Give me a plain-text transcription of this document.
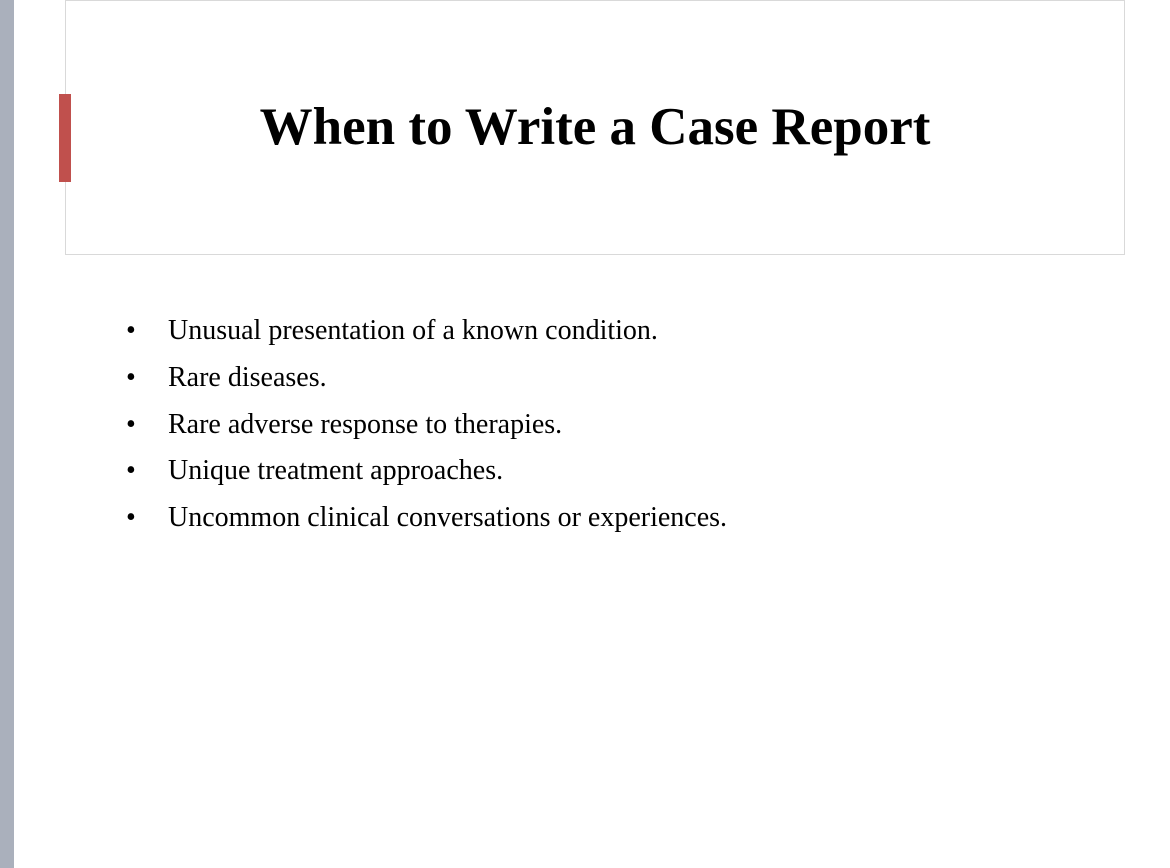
When to Write a Case Report
•	Unusual presentation of a known condition.
•	Rare diseases.
•	Rare adverse response to therapies.
•	Unique treatment approaches.
•	Uncommon clinical conversations or experiences.
